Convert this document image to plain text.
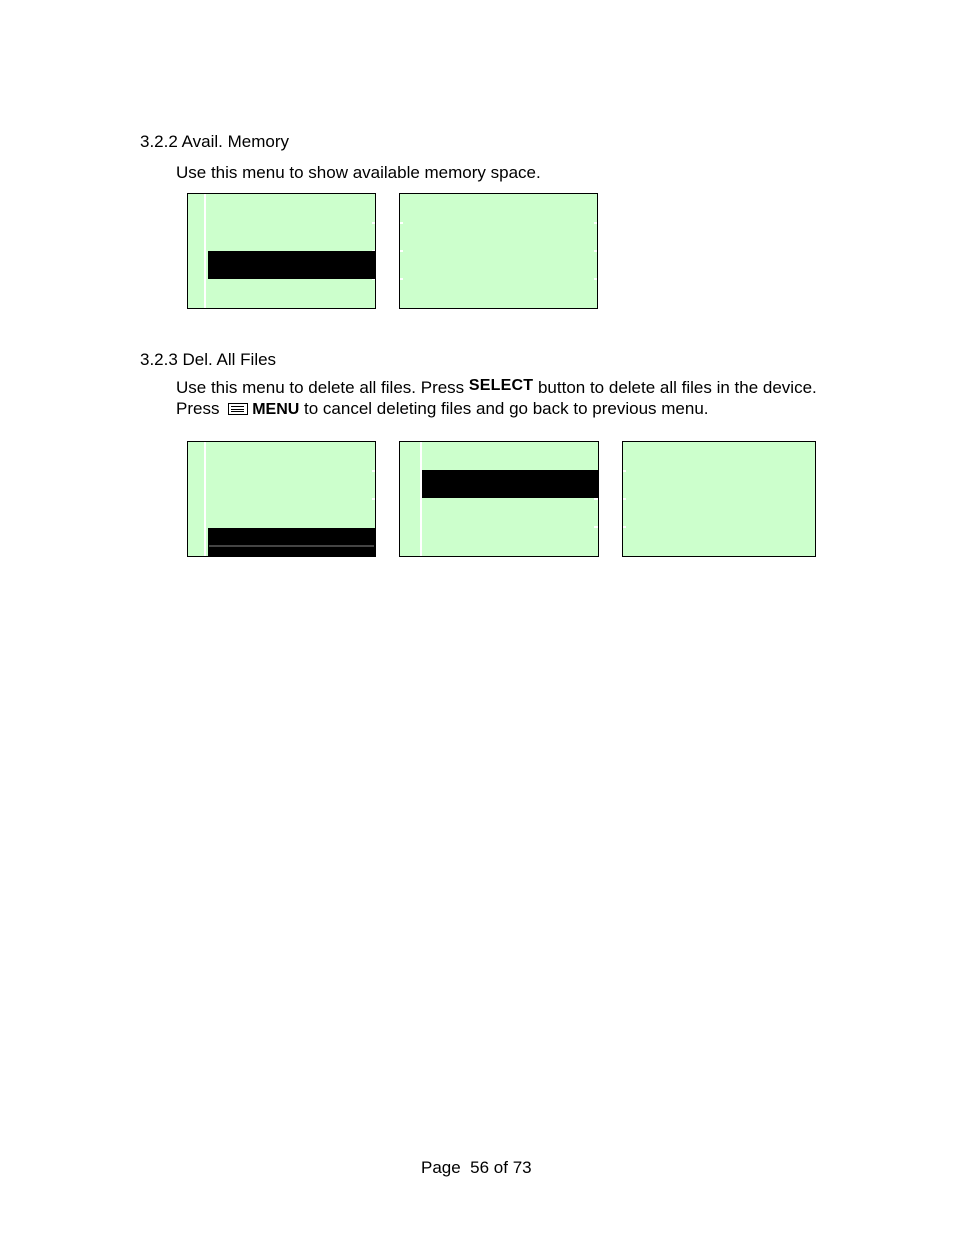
3.2.2 Avail. Memory
Use this menu to show available memory space.
3.2.3 Del. All Files
Use this menu to delete all files. Press SELECT button to delete all files in the device.
Press MENU to cancel deleting files and go back to previous menu.
Page 56 of 73
